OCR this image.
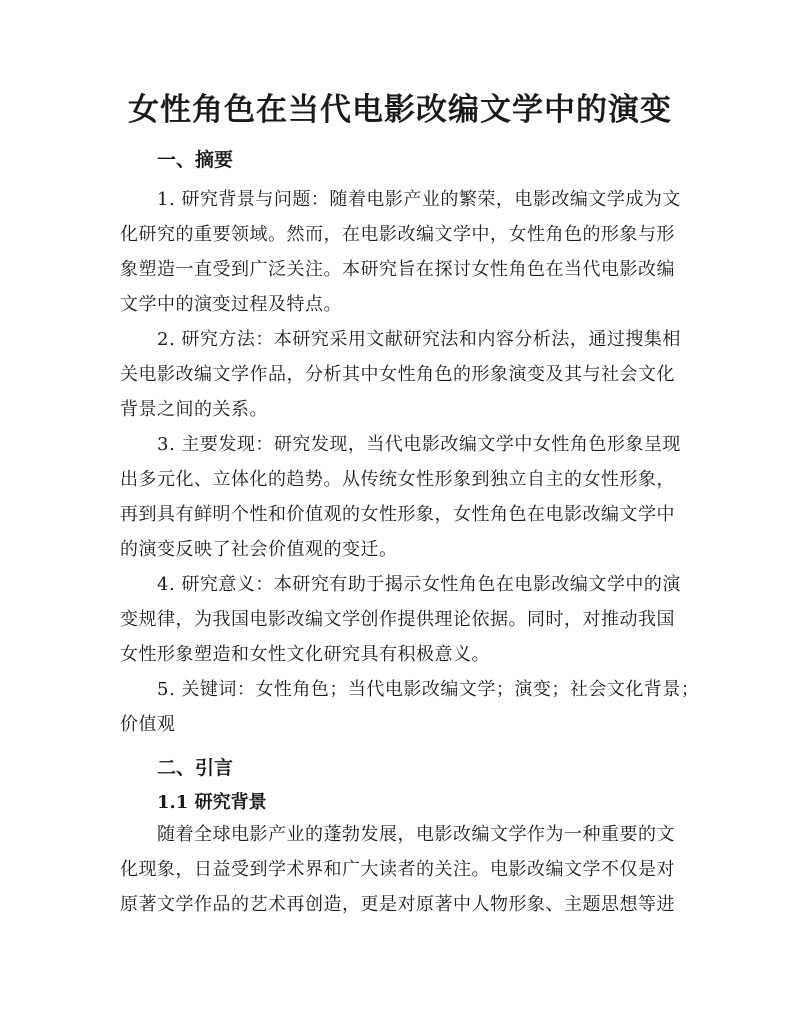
女性角色在当代电影改编文学中的演变
一、摘要

1. 研究背景与问题：随着电影产业的繁荣，电影改编文学成为文
化研究的重要领域。然而，在电影改编文学中，女性角色的形象与形
象塑造一直受到广泛关注。本研究旨在探讨女性角色在当代电影改编
文学中的演变过程及特点。

2. 研究方法：本研究采用文献研究法和内容分析法，通过搜集相
关电影改编文学作品，分析其中女性角色的形象演变及其与社会文化
背景之间的关系。

3. 主要发现：研究发现，当代电影改编文学中女性角色形象呈现
出多元化、立体化的趋势。从传统女性形象到独立自主的女性形象，
再到具有鲜明个性和价值观的女性形象，女性角色在电影改编文学中
的演变反映了社会价值观的变迁。

4. 研究意义：本研究有助于揭示女性角色在电影改编文学中的演
变规律，为我国电影改编文学创作提供理论依据。同时，对推动我国
女性形象塑造和女性文化研究具有积极意义。

5. 关键词：女性角色；当代电影改编文学；演变；社会文化背景；
价值观

二、引言
1.1 研究背景

随着全球电影产业的蓬勃发展，电影改编文学作为一种重要的文
化现象，日益受到学术界和广大读者的关注。电影改编文学不仅是对
原著文学作品的艺术再创造，更是对原著中人物形象、主题思想等进
